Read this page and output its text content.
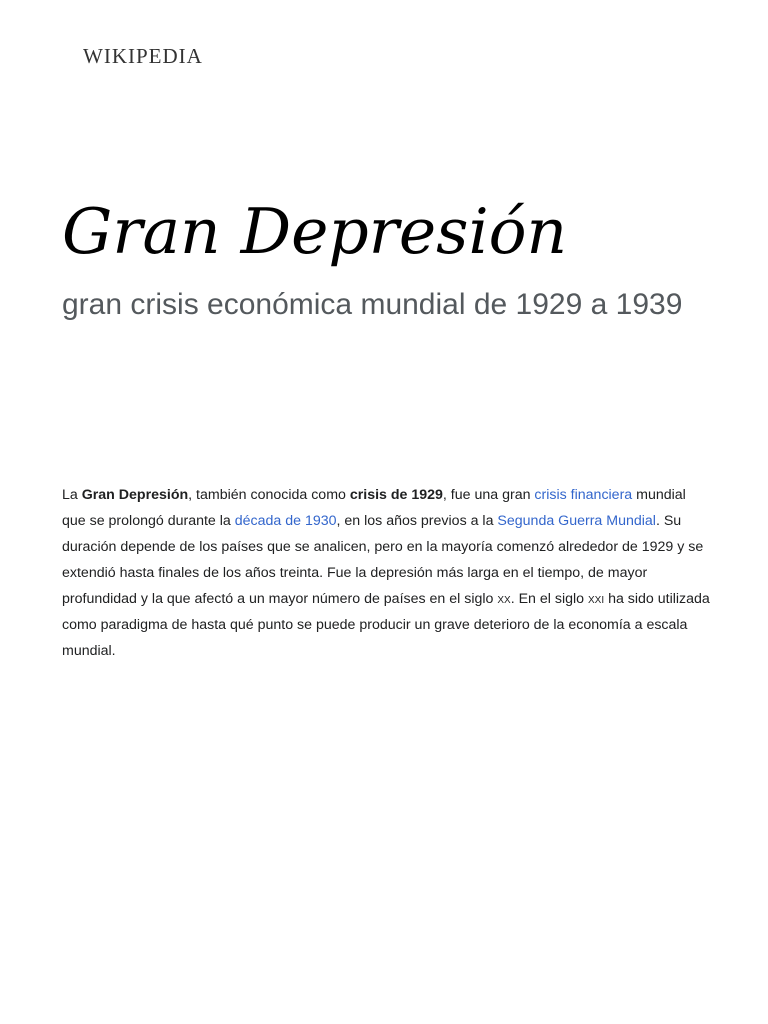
WIKIPEDIA
Gran Depresión

gran crisis económica mundial de 1929 a 1939

La Gran Depresión, también conocida como crisis de 1929, fue una gran crisis financiera mundial que se prolongó durante la década de 1930, en los años previos a la Segunda Guerra Mundial. Su duración depende de los países que se analicen, pero en la mayoría comenzó alrededor de 1929 y se extendió hasta finales de los años treinta. Fue la depresión más larga en el tiempo, de mayor profundidad y la que afectó a un mayor número de países en el siglo xx. En el siglo xxi ha sido utilizada como paradigma de hasta qué punto se puede producir un grave deterioro de la economía a escala mundial.
